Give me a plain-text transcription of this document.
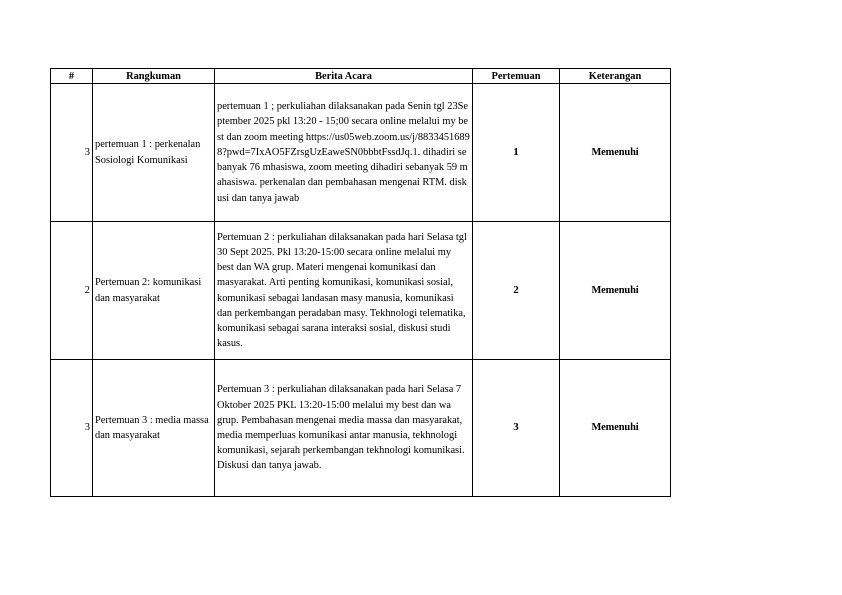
#	Rangkuman	Berita Acara	Pertemuan	Keterangan
3	pertemuan 1 : perkenalan Sosiologi Komunikasi	pertemuan 1 ; perkuliahan dilaksanakan pada Senin tgl 23September 2025 pkl 13:20 - 15;00 secara online melalui my best dan zoom meeting https://us05web.zoom.us/j/88334516898?pwd=7IxAO5FZrsgUzEaweSN0bbbtFssdJq.1. dihadiri sebanyak 76 mhasiswa, zoom meeting dihadiri sebanyak 59 mahasiswa. perkenalan dan pembahasan mengenai RTM. diskusi dan tanya jawab	1	Memenuhi
2	Pertemuan 2: komunikasi dan masyarakat	Pertemuan 2 : perkuliahan dilaksanakan pada hari Selasa tgl 30 Sept 2025. Pkl 13:20-15:00 secara online melalui my best dan WA grup. Materi mengenai komunikasi dan masyarakat. Arti penting komunikasi, komunikasi sosial, komunikasi sebagai landasan masy manusia, komunikasi dan perkembangan peradaban masy. Tekhnologi telematika, komunikasi sebagai sarana interaksi sosial, diskusi studi kasus.	2	Memenuhi
3	Pertemuan 3 : media massa dan masyarakat	Pertemuan 3 : perkuliahan dilaksanakan pada hari Selasa 7 Oktober 2025 PKL 13:20-15:00 melalui my best dan wa grup. Pembahasan mengenai media massa dan masyarakat, media memperluas komunikasi antar manusia, tekhnologi komunikasi, sejarah perkembangan tekhnologi komunikasi. Diskusi dan tanya jawab.	3	Memenuhi
